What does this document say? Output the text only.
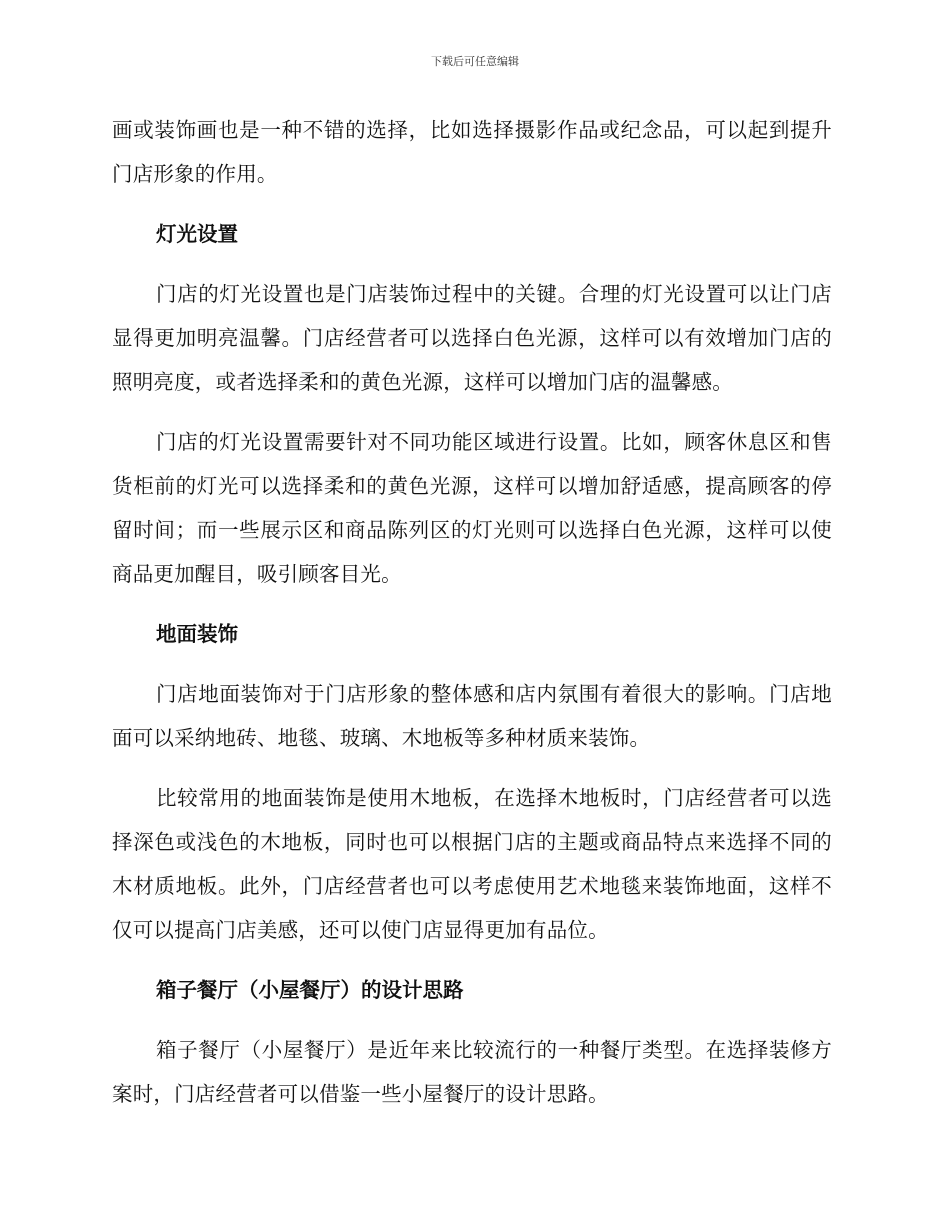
下载后可任意编辑

画或装饰画也是一种不错的选择，比如选择摄影作品或纪念品，可以起到提升门店形象的作用。

灯光设置

门店的灯光设置也是门店装饰过程中的关键。合理的灯光设置可以让门店显得更加明亮温馨。门店经营者可以选择白色光源，这样可以有效增加门店的照明亮度，或者选择柔和的黄色光源，这样可以增加门店的温馨感。

门店的灯光设置需要针对不同功能区域进行设置。比如，顾客休息区和售货柜前的灯光可以选择柔和的黄色光源，这样可以增加舒适感，提高顾客的停留时间；而一些展示区和商品陈列区的灯光则可以选择白色光源，这样可以使商品更加醒目，吸引顾客目光。

地面装饰

门店地面装饰对于门店形象的整体感和店内氛围有着很大的影响。门店地面可以采纳地砖、地毯、玻璃、木地板等多种材质来装饰。

比较常用的地面装饰是使用木地板，在选择木地板时，门店经营者可以选择深色或浅色的木地板，同时也可以根据门店的主题或商品特点来选择不同的木材质地板。此外，门店经营者也可以考虑使用艺术地毯来装饰地面，这样不仅可以提高门店美感，还可以使门店显得更加有品位。

箱子餐厅（小屋餐厅）的设计思路

箱子餐厅（小屋餐厅）是近年来比较流行的一种餐厅类型。在选择装修方案时，门店经营者可以借鉴一些小屋餐厅的设计思路。
